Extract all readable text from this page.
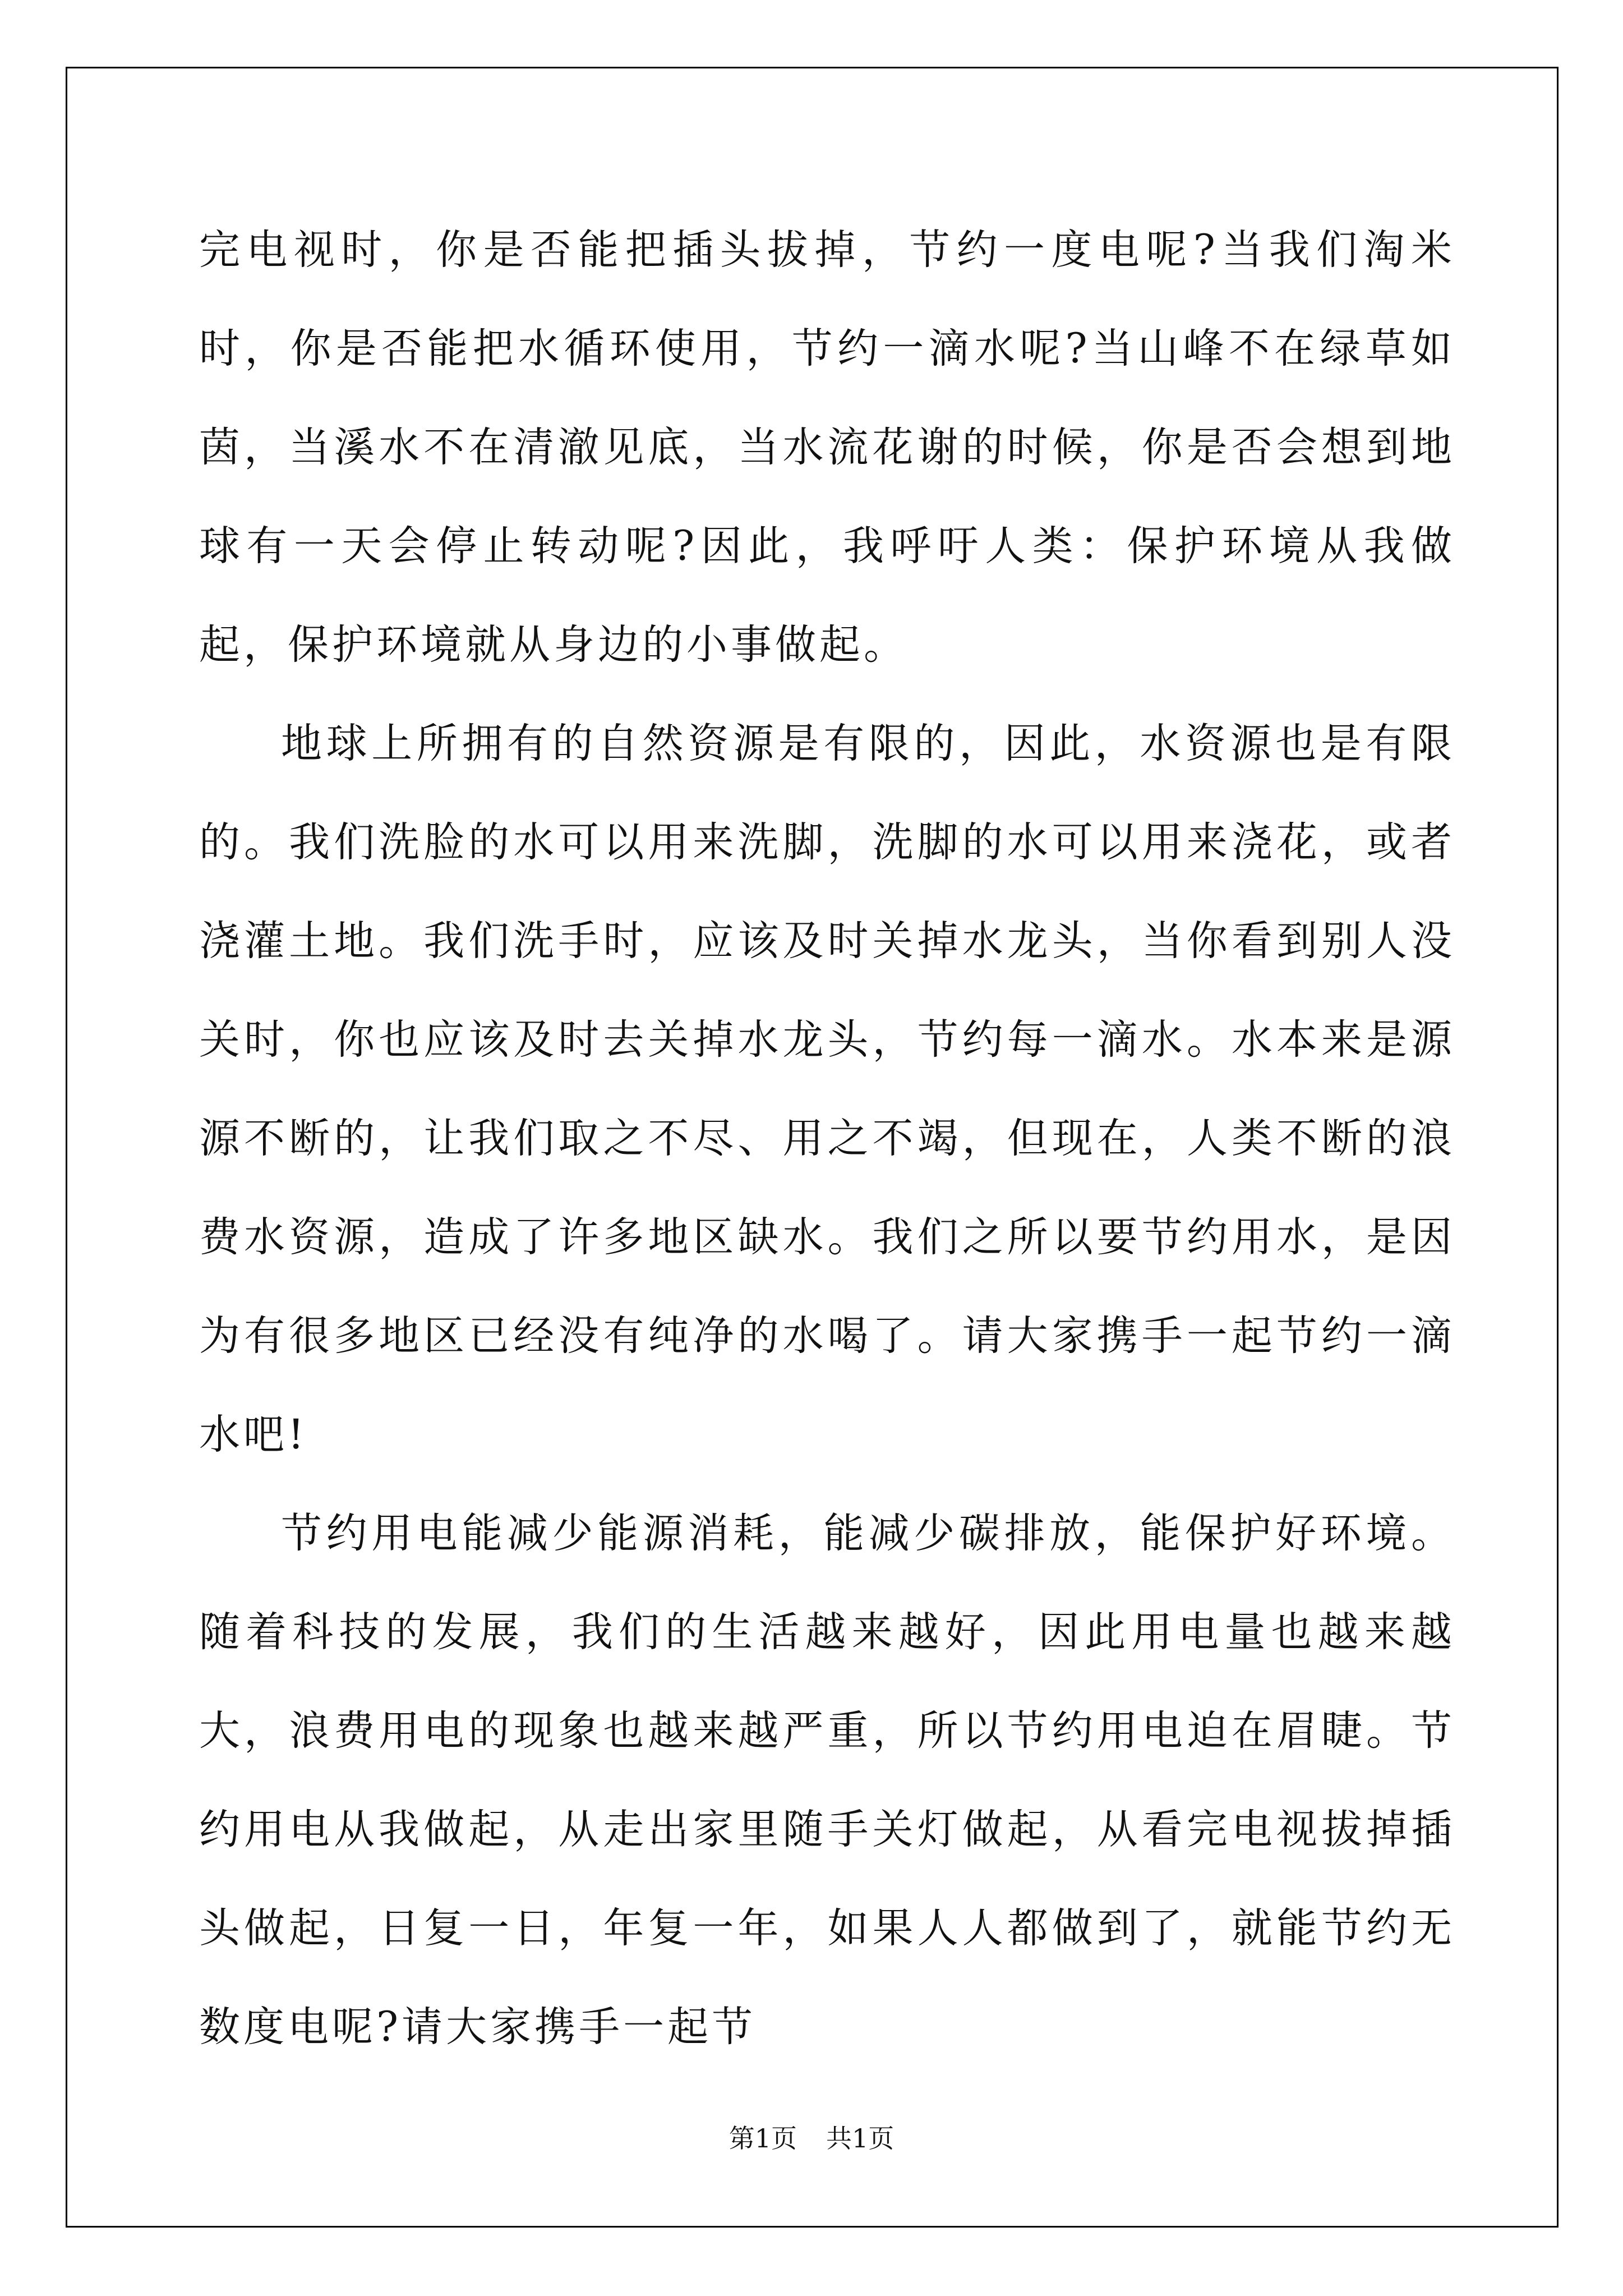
完电视时，你是否能把插头拔掉，节约一度电呢?当我们淘米时，你是否能把水循环使用，节约一滴水呢?当山峰不在绿草如茵，当溪水不在清澈见底，当水流花谢的时候，你是否会想到地球有一天会停止转动呢?因此，我呼吁人类：保护环境从我做起，保护环境就从身边的小事做起。

地球上所拥有的自然资源是有限的，因此，水资源也是有限的。我们洗脸的水可以用来洗脚，洗脚的水可以用来浇花，或者浇灌土地。我们洗手时，应该及时关掉水龙头，当你看到别人没关时，你也应该及时去关掉水龙头，节约每一滴水。水本来是源源不断的，让我们取之不尽、用之不竭，但现在，人类不断的浪费水资源，造成了许多地区缺水。我们之所以要节约用水，是因为有很多地区已经没有纯净的水喝了。请大家携手一起节约一滴水吧!

节约用电能减少能源消耗，能减少碳排放，能保护好环境。随着科技的发展，我们的生活越来越好，因此用电量也越来越大，浪费用电的现象也越来越严重，所以节约用电迫在眉睫。节约用电从我做起，从走出家里随手关灯做起，从看完电视拔掉插头做起，日复一日，年复一年，如果人人都做到了，就能节约无数度电呢?请大家携手一起节

第1页 共1页
